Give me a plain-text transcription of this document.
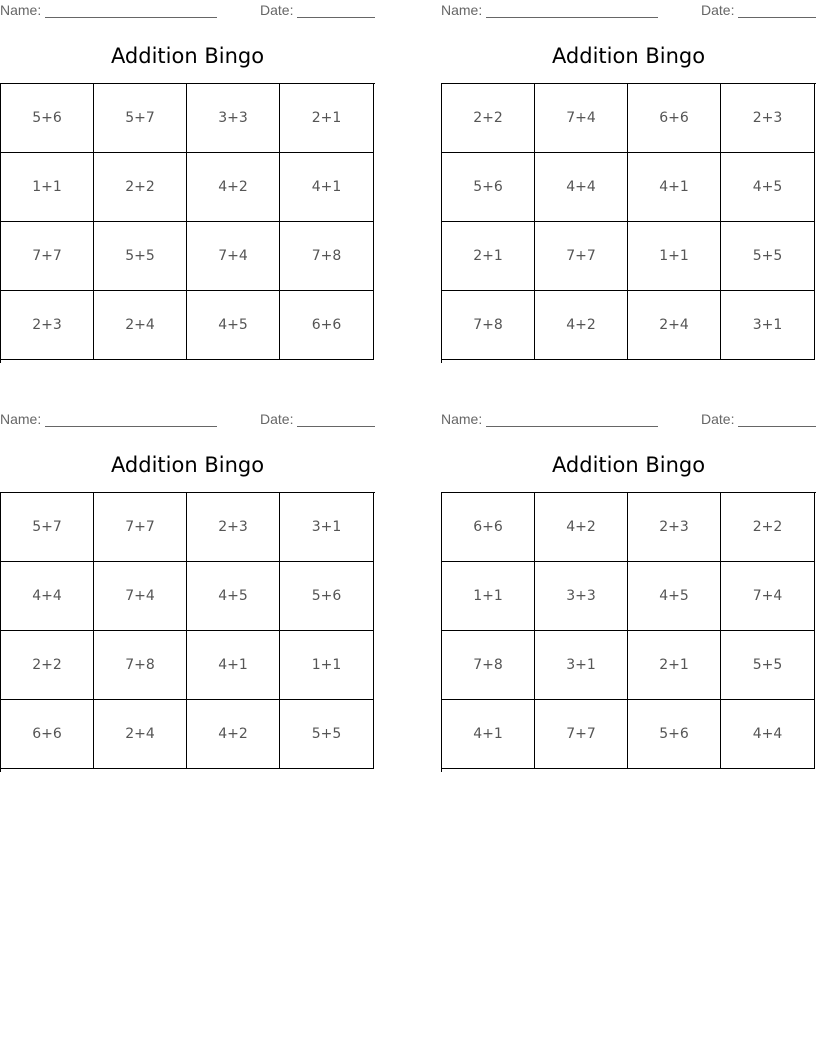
Name:	Date:
Addition Bingo
5+6	5+7	3+3	2+1
1+1	2+2	4+2	4+1
7+7	5+5	7+4	7+8
2+3	2+4	4+5	6+6
Name:	Date:
Addition Bingo
2+2	7+4	6+6	2+3
5+6	4+4	4+1	4+5
2+1	7+7	1+1	5+5
7+8	4+2	2+4	3+1
Name:	Date:
Addition Bingo
5+7	7+7	2+3	3+1
4+4	7+4	4+5	5+6
2+2	7+8	4+1	1+1
6+6	2+4	4+2	5+5
Name:	Date:
Addition Bingo
6+6	4+2	2+3	2+2
1+1	3+3	4+5	7+4
7+8	3+1	2+1	5+5
4+1	7+7	5+6	4+4
